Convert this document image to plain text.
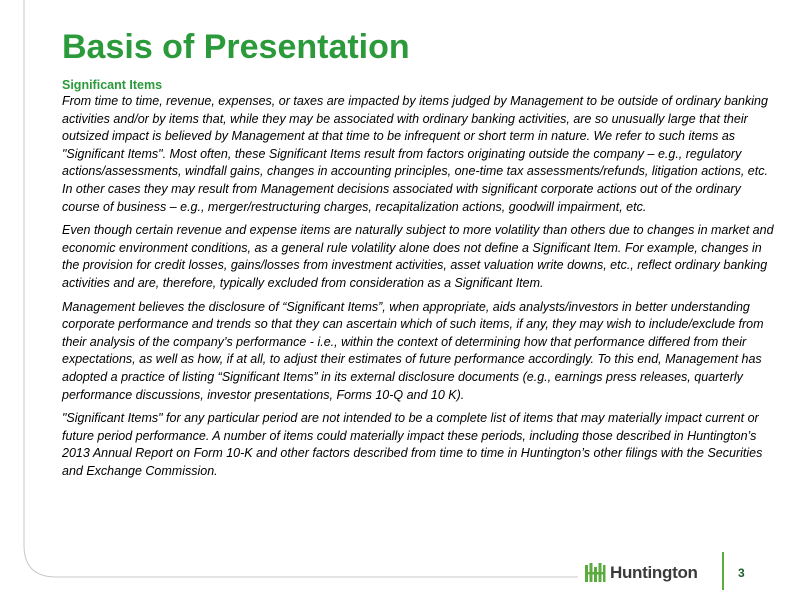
Basis of Presentation

Significant Items

From time to time, revenue, expenses, or taxes are impacted by items judged by Management to be outside of ordinary banking activities and/or by items that, while they may be associated with ordinary banking activities, are so unusually large that their outsized impact is believed by Management at that time to be infrequent or short term in nature. We refer to such items as "Significant Items". Most often, these Significant Items result from factors originating outside the company – e.g., regulatory actions/assessments, windfall gains, changes in accounting principles, one-time tax assessments/refunds, litigation actions, etc. In other cases they may result from Management decisions associated with significant corporate actions out of the ordinary course of business – e.g., merger/restructuring charges, recapitalization actions, goodwill impairment, etc.

Even though certain revenue and expense items are naturally subject to more volatility than others due to changes in market and economic environment conditions, as a general rule volatility alone does not define a Significant Item. For example, changes in the provision for credit losses, gains/losses from investment activities, asset valuation write downs, etc., reflect ordinary banking activities and are, therefore, typically excluded from consideration as a Significant Item.

Management believes the disclosure of “Significant Items”, when appropriate, aids analysts/investors in better understanding corporate performance and trends so that they can ascertain which of such items, if any, they may wish to include/exclude from their analysis of the company’s performance - i.e., within the context of determining how that performance differed from their expectations, as well as how, if at all, to adjust their estimates of future performance accordingly. To this end, Management has adopted a practice of listing “Significant Items” in its external disclosure documents (e.g., earnings press releases, quarterly performance discussions, investor presentations, Forms 10-Q and 10 K).

"Significant Items" for any particular period are not intended to be a complete list of items that may materially impact current or future period performance. A number of items could materially impact these periods, including those described in Huntington’s 2013 Annual Report on Form 10-K and other factors described from time to time in Huntington’s other filings with the Securities and Exchange Commission.

Huntington	3
